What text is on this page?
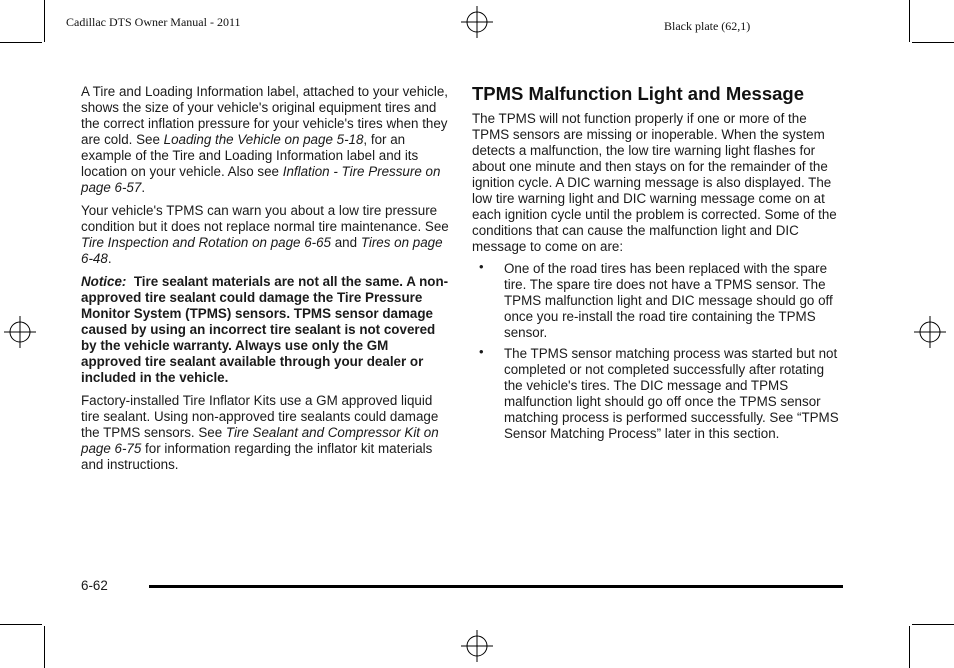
Cadillac DTS Owner Manual - 2011	Black plate (62,1)

A Tire and Loading Information label, attached to your vehicle, shows the size of your vehicle's original equipment tires and the correct inflation pressure for your vehicle's tires when they are cold. See Loading the Vehicle on page 5-18, for an example of the Tire and Loading Information label and its location on your vehicle. Also see Inflation - Tire Pressure on page 6-57.

Your vehicle's TPMS can warn you about a low tire pressure condition but it does not replace normal tire maintenance. See Tire Inspection and Rotation on page 6-65 and Tires on page 6-48.

Notice:  Tire sealant materials are not all the same. A non-approved tire sealant could damage the Tire Pressure Monitor System (TPMS) sensors. TPMS sensor damage caused by using an incorrect tire sealant is not covered by the vehicle warranty. Always use only the GM approved tire sealant available through your dealer or included in the vehicle.

Factory-installed Tire Inflator Kits use a GM approved liquid tire sealant. Using non-approved tire sealants could damage the TPMS sensors. See Tire Sealant and Compressor Kit on page 6-75 for information regarding the inflator kit materials and instructions.

TPMS Malfunction Light and Message

The TPMS will not function properly if one or more of the TPMS sensors are missing or inoperable. When the system detects a malfunction, the low tire warning light flashes for about one minute and then stays on for the remainder of the ignition cycle. A DIC warning message is also displayed. The low tire warning light and DIC warning message come on at each ignition cycle until the problem is corrected. Some of the conditions that can cause the malfunction light and DIC message to come on are:

• One of the road tires has been replaced with the spare tire. The spare tire does not have a TPMS sensor. The TPMS malfunction light and DIC message should go off once you re-install the road tire containing the TPMS sensor.
• The TPMS sensor matching process was started but not completed or not completed successfully after rotating the vehicle's tires. The DIC message and TPMS malfunction light should go off once the TPMS sensor matching process is performed successfully. See “TPMS Sensor Matching Process” later in this section.
6-62
